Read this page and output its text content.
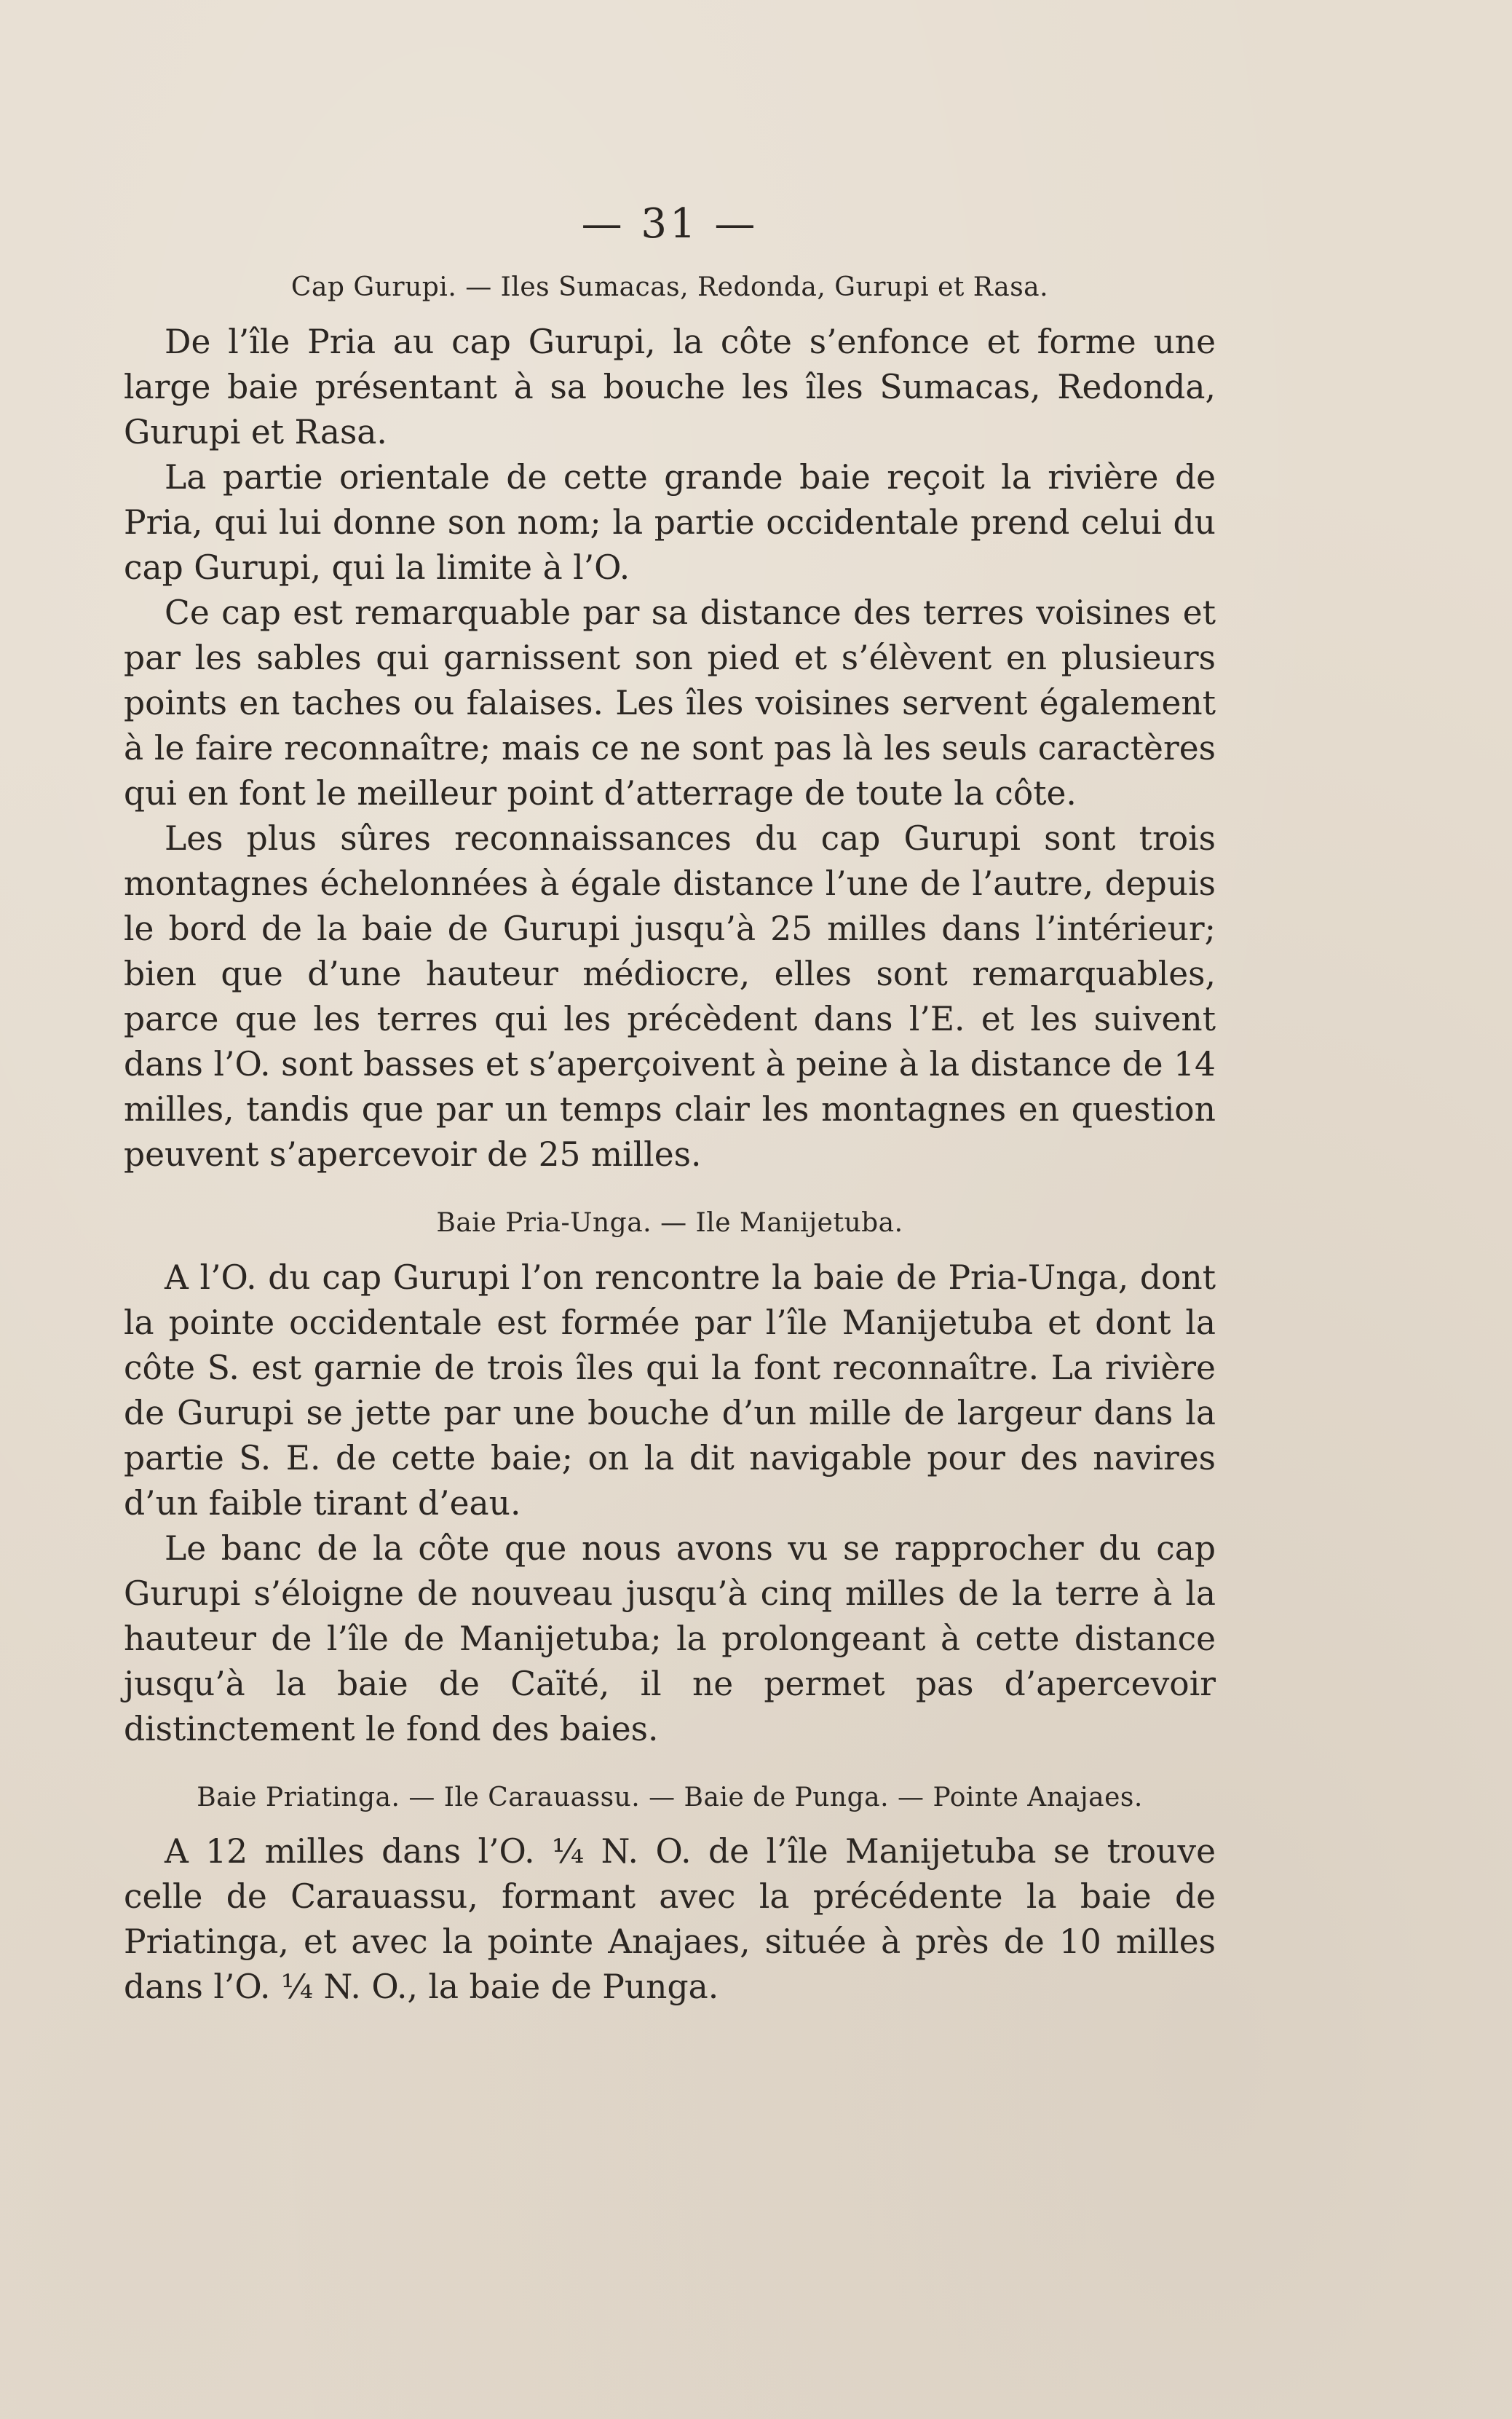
— 31 —
Cap Gurupi. — Iles Sumacas, Redonda, Gurupi et Rasa.

De l’île Pria au cap Gurupi, la côte s’enfonce et forme une large baie présentant à sa bouche les îles Sumacas, Redonda, Gurupi et Rasa.

La partie orientale de cette grande baie reçoit la rivière de Pria, qui lui donne son nom; la partie occidentale prend celui du cap Gurupi, qui la limite à l’O.

Ce cap est remarquable par sa distance des terres voisines et par les sables qui garnissent son pied et s’élèvent en plusieurs points en taches ou falaises. Les îles voisines servent également à le faire reconnaître; mais ce ne sont pas là les seuls caractères qui en font le meilleur point d’atterrage de toute la côte.

Les plus sûres reconnaissances du cap Gurupi sont trois montagnes échelonnées à égale distance l’une de l’autre, depuis le bord de la baie de Gurupi jusqu’à 25 milles dans l’intérieur; bien que d’une hauteur médiocre, elles sont remarquables, parce que les terres qui les précèdent dans l’E. et les suivent dans l’O. sont basses et s’aperçoivent à peine à la distance de 14 milles, tandis que par un temps clair les montagnes en question peuvent s’apercevoir de 25 milles.

Baie Pria-Unga. — Ile Manijetuba.

A l’O. du cap Gurupi l’on rencontre la baie de Pria-Unga, dont la pointe occidentale est formée par l’île Manijetuba et dont la côte S. est garnie de trois îles qui la font reconnaître. La rivière de Gurupi se jette par une bouche d’un mille de largeur dans la partie S. E. de cette baie; on la dit navigable pour des navires d’un faible tirant d’eau.

Le banc de la côte que nous avons vu se rapprocher du cap Gurupi s’éloigne de nouveau jusqu’à cinq milles de la terre à la hauteur de l’île de Manijetuba; la prolongeant à cette distance jusqu’à la baie de Caïté, il ne permet pas d’apercevoir distinctement le fond des baies.

Baie Priatinga. — Ile Carauassu. — Baie de Punga. — Pointe Anajaes.

A 12 milles dans l’O. ¼ N. O. de l’île Manijetuba se trouve celle de Carauassu, formant avec la précédente la baie de Priatinga, et avec la pointe Anajaes, située à près de 10 milles dans l’O. ¼ N. O., la baie de Punga.
